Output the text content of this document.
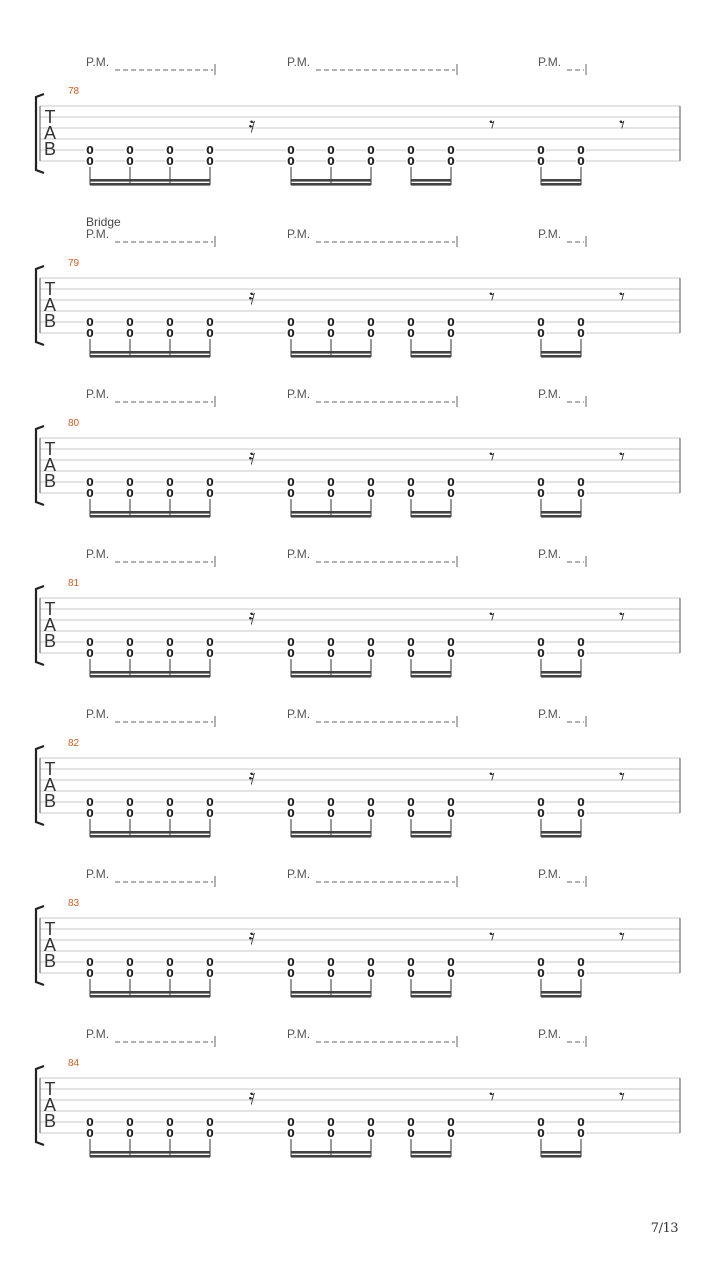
P.M.	P.M.	P.M.
78
T
A
B	0
0
0
0
0
0
0
0
0
0
0
0
0
0
0
0
0
0
0
0
0
0
𝄿	𝄾	𝄾
P.M.	P.M.	P.M.
Bridge
79
T
A
B	0
0
0
0
0
0
0
0
0
0
0
0
0
0
0
0
0
0
0
0
0
0
𝄿	𝄾	𝄾
P.M.	P.M.	P.M.
80
T
A
B	0
0
0
0
0
0
0
0
0
0
0
0
0
0
0
0
0
0
0
0
0
0
𝄿	𝄾	𝄾
P.M.	P.M.	P.M.
81
T
A
B	0
0
0
0
0
0
0
0
0
0
0
0
0
0
0
0
0
0
0
0
0
0
𝄿	𝄾	𝄾
P.M.	P.M.	P.M.
82
T
A
B	0
0
0
0
0
0
0
0
0
0
0
0
0
0
0
0
0
0
0
0
0
0
𝄿	𝄾	𝄾
P.M.	P.M.	P.M.
83
T
A
B	0
0
0
0
0
0
0
0
0
0
0
0
0
0
0
0
0
0
0
0
0
0
𝄿	𝄾	𝄾
P.M.	P.M.	P.M.
84
T
A
B	0
0
0
0
0
0
0
0
0
0
0
0
0
0
0
0
0
0
0
0
0
0
𝄿	𝄾	𝄾
7/13
